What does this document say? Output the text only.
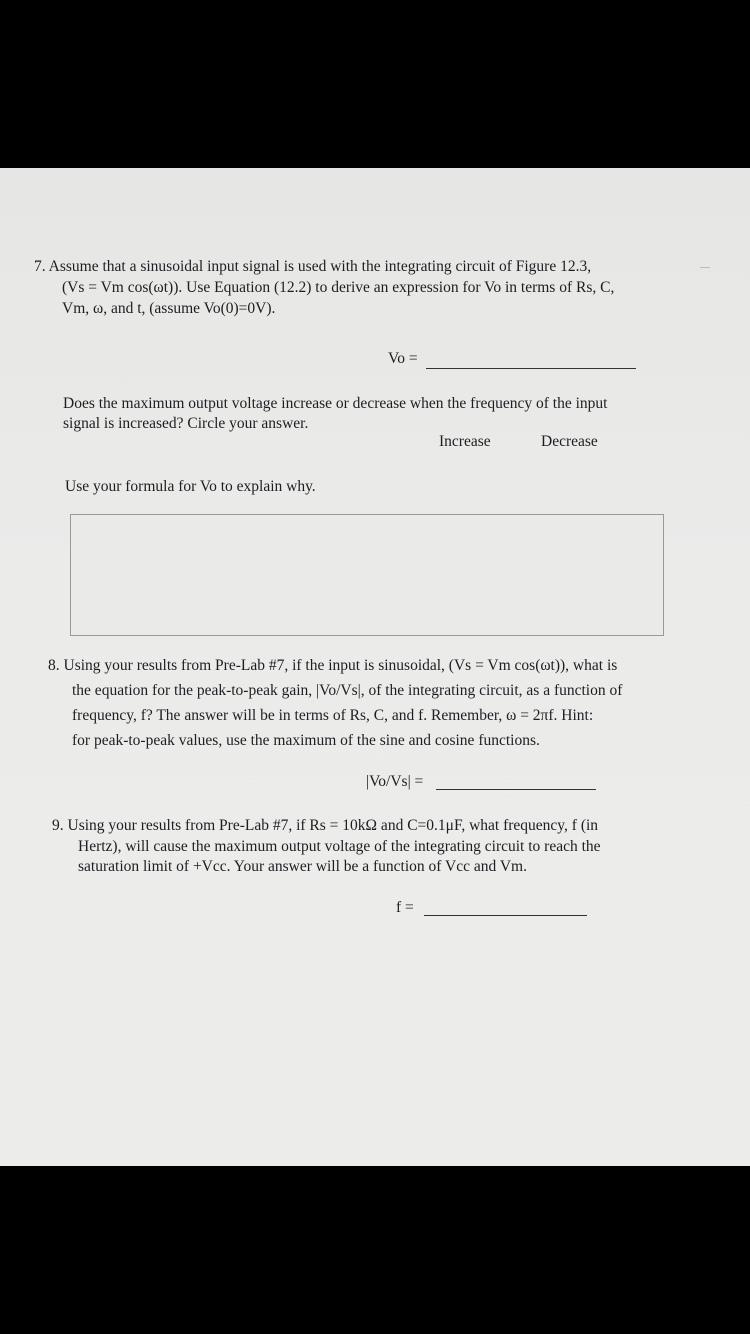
7. Assume that a sinusoidal input signal is used with the integrating circuit of Figure 12.3,
(Vs = Vm cos(ωt)). Use Equation (12.2) to derive an expression for Vo in terms of Rs, C,
Vm, ω, and t, (assume Vo(0)=0V).
Vo =
Does the maximum output voltage increase or decrease when the frequency of the input
signal is increased? Circle your answer.
Increase	Decrease
Use your formula for Vo to explain why.
8. Using your results from Pre-Lab #7, if the input is sinusoidal, (Vs = Vm cos(ωt)), what is
the equation for the peak-to-peak gain, |Vo/Vs|, of the integrating circuit, as a function of
frequency, f? The answer will be in terms of Rs, C, and f. Remember, ω = 2πf. Hint:
for peak-to-peak values, use the maximum of the sine and cosine functions.
|Vo/Vs| =
9. Using your results from Pre-Lab #7, if Rs = 10kΩ and C=0.1μF, what frequency, f (in
Hertz), will cause the maximum output voltage of the integrating circuit to reach the
saturation limit of +Vcc. Your answer will be a function of Vcc and Vm.
f =
